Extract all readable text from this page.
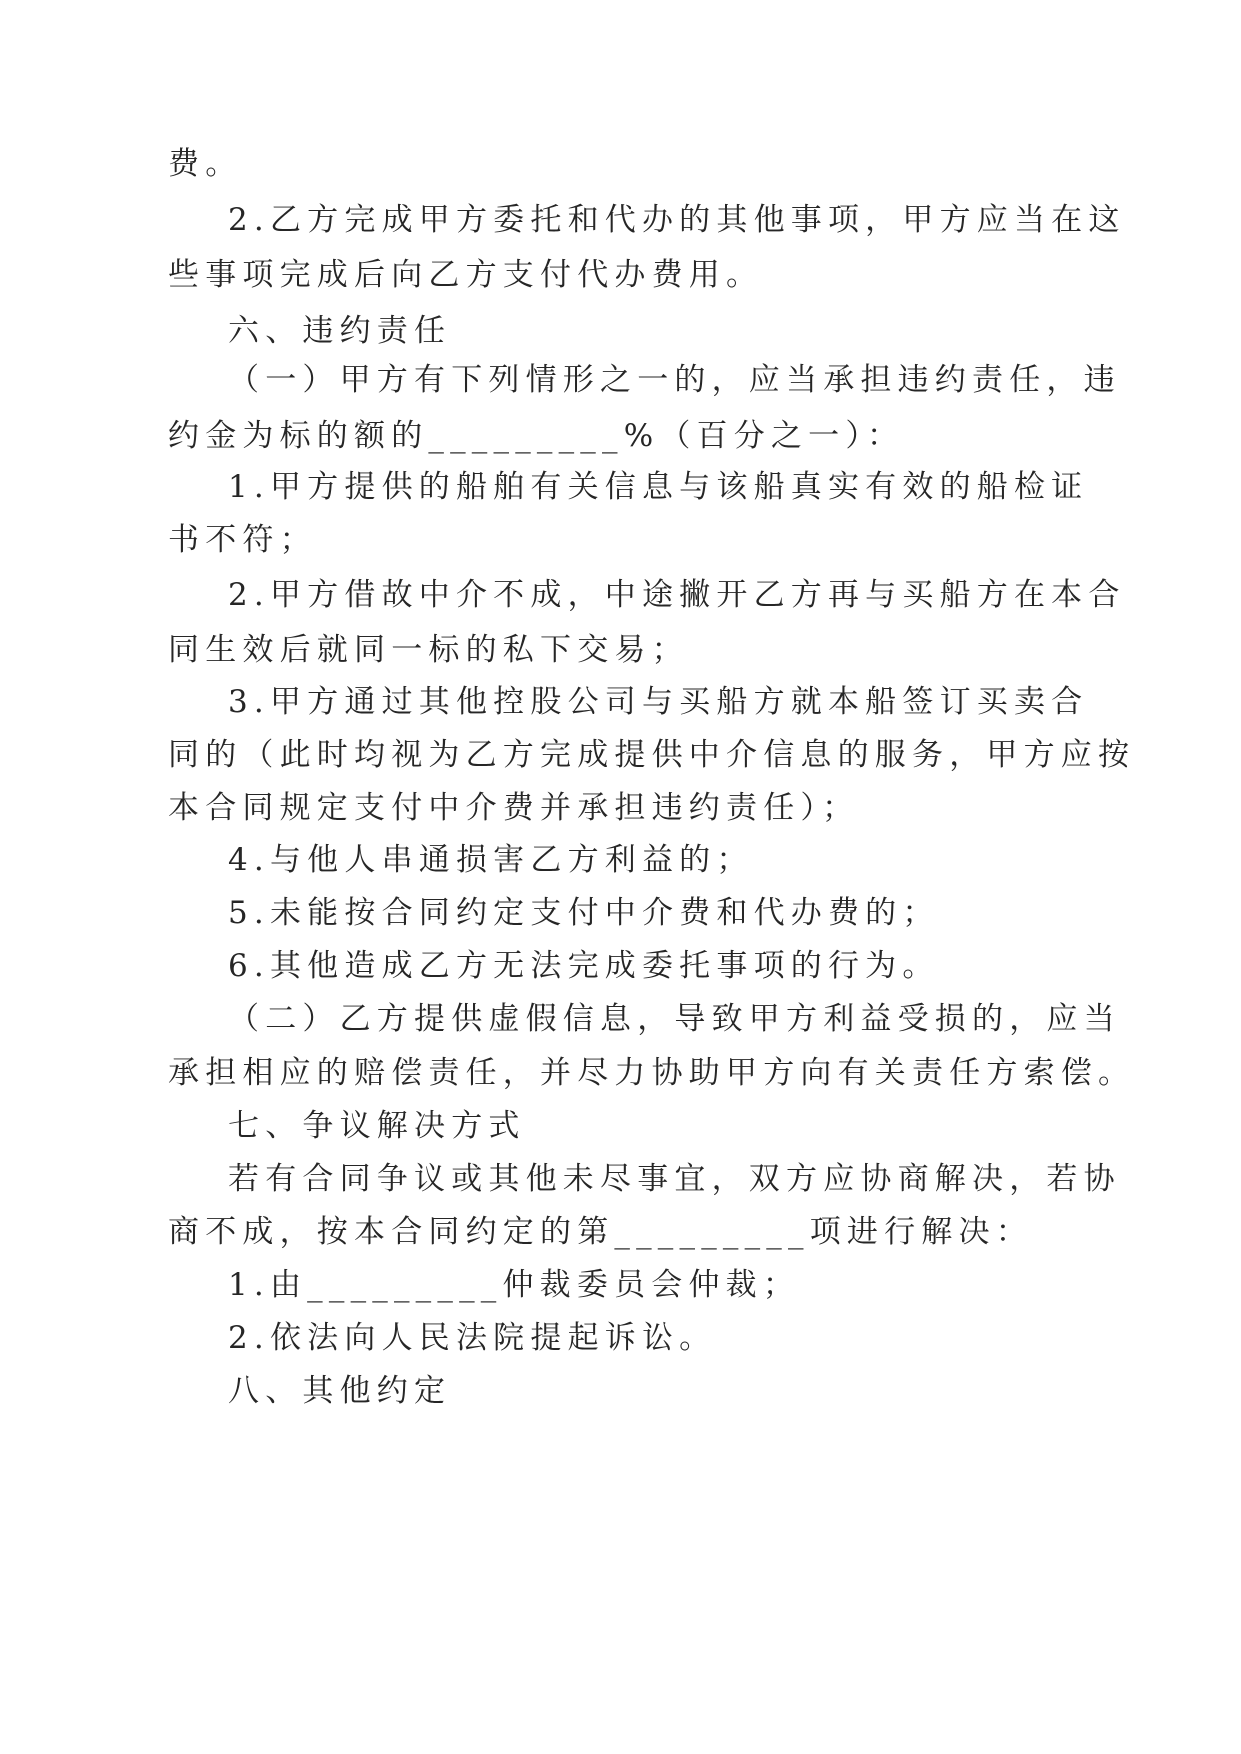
费。

2.乙方完成甲方委托和代办的其他事项，甲方应当在这

些事项完成后向乙方支付代办费用。

六、违约责任

（一）甲方有下列情形之一的，应当承担违约责任，违

约金为标的额的_________%（百分之一）：

1.甲方提供的船舶有关信息与该船真实有效的船检证

书不符；

2.甲方借故中介不成，中途撇开乙方再与买船方在本合

同生效后就同一标的私下交易；

3.甲方通过其他控股公司与买船方就本船签订买卖合

同的（此时均视为乙方完成提供中介信息的服务，甲方应按

本合同规定支付中介费并承担违约责任）；

4.与他人串通损害乙方利益的；

5.未能按合同约定支付中介费和代办费的；

6.其他造成乙方无法完成委托事项的行为。

（二）乙方提供虚假信息，导致甲方利益受损的，应当

承担相应的赔偿责任，并尽力协助甲方向有关责任方索偿。

七、争议解决方式

若有合同争议或其他未尽事宜，双方应协商解决，若协

商不成，按本合同约定的第_________项进行解决：

1.由_________仲裁委员会仲裁；

2.依法向人民法院提起诉讼。

八、其他约定
